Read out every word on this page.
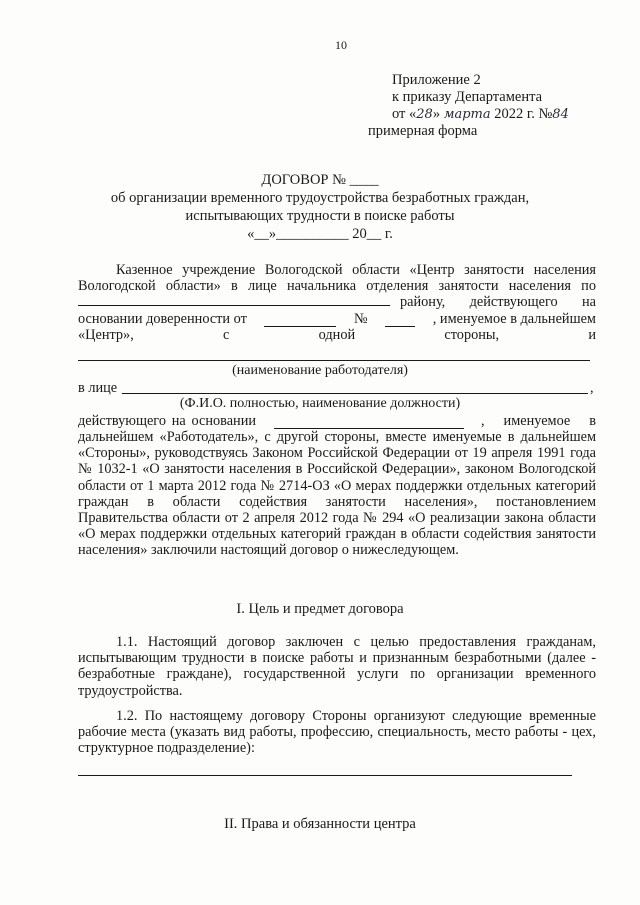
10
Приложение 2
к приказу Департамента
от «28» марта 2022 г. №84
примерная форма
ДОГОВОР № ____
об организации временного трудоустройства безработных граждан,
испытывающих трудности в поиске работы
«__»__________ 20__ г.
Казенное учреждение Вологодской области «Центр занятости населения
Вологодской области» в лице начальника отделения занятости населения по
району, действующего на
основании доверенности от	№	, именуемое в дальнейшем
«Центр», с одной стороны, и
(наименование работодателя)
в лице	,
(Ф.И.О. полностью, наименование должности)
действующего на основании	, именуемое в
дальнейшем «Работодатель», с другой стороны, вместе именуемые в дальнейшем «Стороны», руководствуясь Законом Российской Федерации от 19 апреля 1991 года № 1032-1 «О занятости населения в Российской Федерации», законом Вологодской области от 1 марта 2012 года № 2714-ОЗ «О мерах поддержки отдельных категорий граждан в области содействия занятости населения», постановлением Правительства области от 2 апреля 2012 года № 294 «О реализации закона области «О мерах поддержки отдельных категорий граждан в области содействия занятости населения» заключили настоящий договор о нижеследующем.
I. Цель и предмет договора
1.1. Настоящий договор заключен с целью предоставления гражданам, испытывающим трудности в поиске работы и признанным безработными (далее - безработные граждане), государственной услуги по организации временного трудоустройства.
1.2. По настоящему договору Стороны организуют следующие временные рабочие места (указать вид работы, профессию, специальность, место работы - цех, структурное подразделение):
II. Права и обязанности центра
